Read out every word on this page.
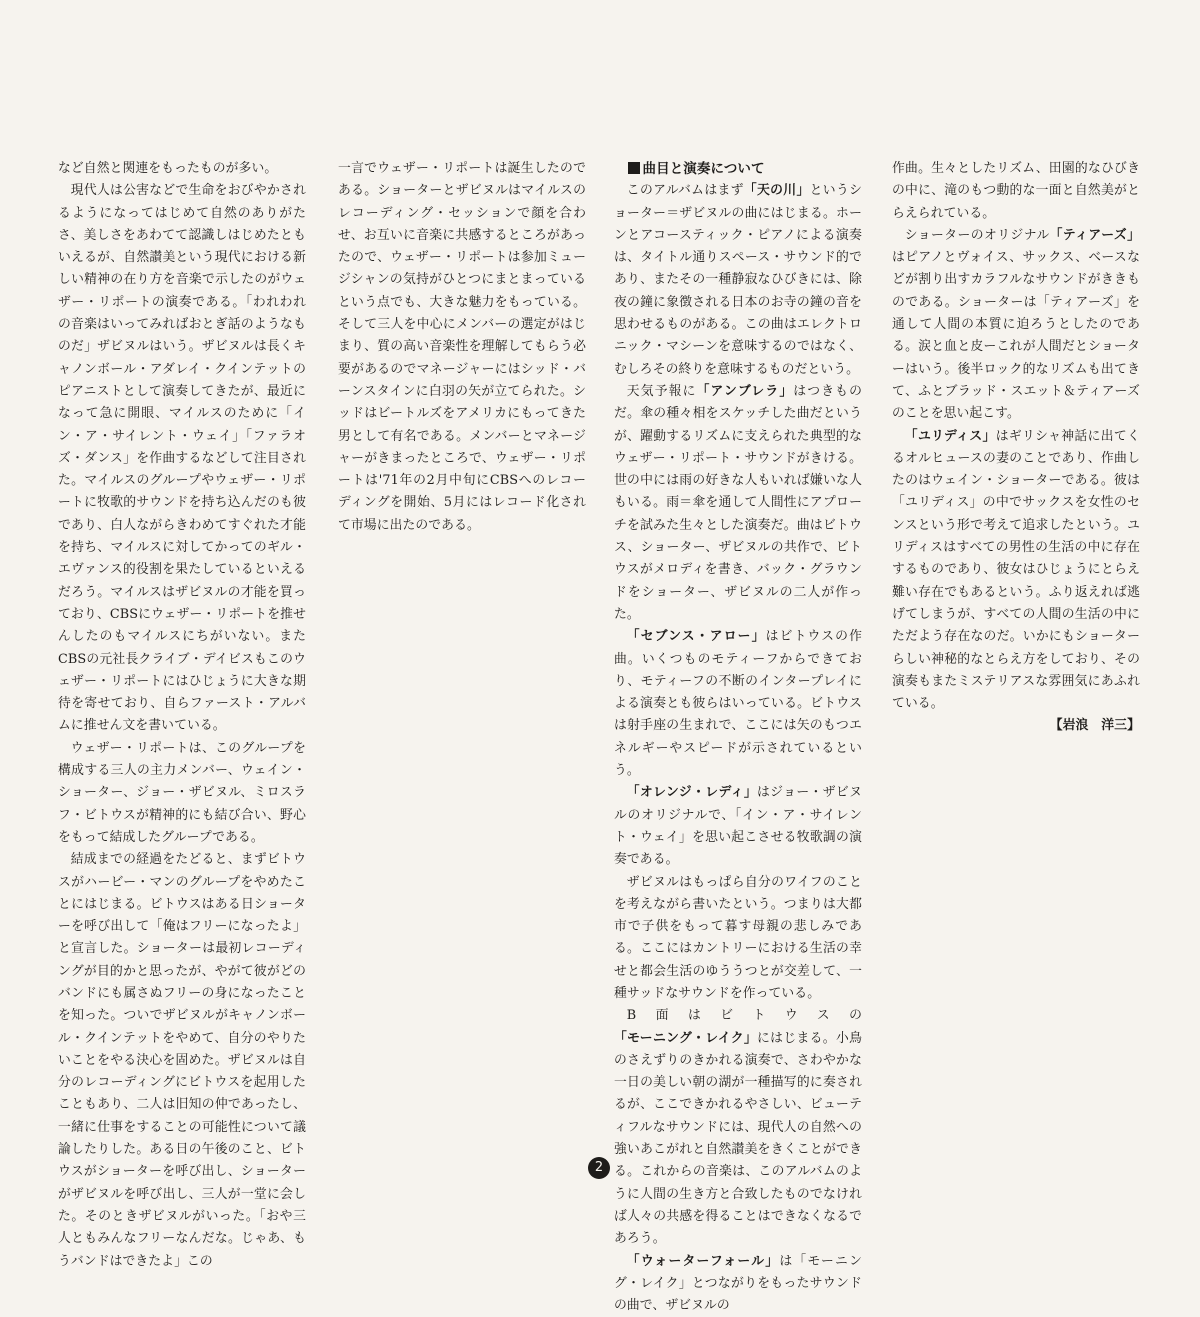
など自然と関連をもったものが多い。

現代人は公害などで生命をおびやかされるようになってはじめて自然のありがたさ、美しさをあわてて認識しはじめたともいえるが、自然讃美という現代における新しい精神の在り方を音楽で示したのがウェザー・リポートの演奏である。「われわれの音楽はいってみればおとぎ話のようなものだ」ザビヌルはいう。ザビヌルは長くキャノンボール・アダレイ・クインテットのピアニストとして演奏してきたが、最近になって急に開眼、マイルスのために「イン・ア・サイレント・ウェイ」「ファラオズ・ダンス」を作曲するなどして注目された。マイルスのグループやウェザー・リポートに牧歌的サウンドを持ち込んだのも彼であり、白人ながらきわめてすぐれた才能を持ち、マイルスに対してかってのギル・エヴァンス的役割を果たしているといえるだろう。マイルスはザビヌルの才能を買っており、CBSにウェザー・リポートを推せんしたのもマイルスにちがいない。また CBSの元社長クライブ・デイビスもこのウェザー・リポートにはひじょうに大きな期待を寄せており、自らファースト・アルバムに推せん文を書いている。

ウェザー・リポートは、このグループを構成する三人の主力メンバー、ウェイン・ショーター、ジョー・ザビヌル、ミロスラフ・ビトウスが精神的にも結び合い、野心をもって結成したグループである。

結成までの経過をたどると、まずビトウスがハービー・マンのグループをやめたことにはじまる。ビトウスはある日ショーターを呼び出して「俺はフリーになったよ」と宣言した。ショーターは最初レコーディングが目的かと思ったが、やがて彼がどのバンドにも属さぬフリーの身になったことを知った。ついでザビヌルがキャノンボール・クインテットをやめて、自分のやりたいことをやる決心を固めた。ザビヌルは自分のレコーディングにビトウスを起用したこともあり、二人は旧知の仲であったし、一緒に仕事をすることの可能性について議論したりした。ある日の午後のこと、ビトウスがショーターを呼び出し、ショーターがザビヌルを呼び出し、三人が一堂に会した。そのときザビヌルがいった。「おや三人ともみんなフリーなんだな。じゃあ、もうバンドはできたよ」この

一言でウェザー・リポートは誕生したのである。ショーターとザビヌルはマイルスのレコーディング・セッションで顔を合わせ、お互いに音楽に共感するところがあったので、ウェザー・リポートは参加ミュージシャンの気持がひとつにまとまっているという点でも、大きな魅力をもっている。そして三人を中心にメンバーの選定がはじまり、質の高い音楽性を理解してもらう必要があるのでマネージャーにはシッド・バーンスタインに白羽の矢が立てられた。シッドはビートルズをアメリカにもってきた男として有名である。メンバーとマネージャーがきまったところで、ウェザー・リポートは'71年の2月中旬にCBSへのレコーディングを開始、5月にはレコード化されて市場に出たのである。

曲目と演奏について

このアルバムはまず「天の川」というショーター＝ザビヌルの曲にはじまる。ホーンとアコースティック・ピアノによる演奏は、タイトル通りスペース・サウンド的であり、またその一種静寂なひびきには、除夜の鐘に象徴される日本のお寺の鐘の音を思わせるものがある。この曲はエレクトロニック・マシーンを意味するのではなく、むしろその終りを意味するものだという。

天気予報に「アンブレラ」はつきものだ。傘の種々相をスケッチした曲だというが、躍動するリズムに支えられた典型的なウェザー・リポート・サウンドがきける。世の中には雨の好きな人もいれば嫌いな人もいる。雨＝傘を通して人間性にアプローチを試みた生々とした演奏だ。曲はビトウス、ショーター、ザビヌルの共作で、ビトウスがメロディを書き、バック・グラウンドをショーター、ザビヌルの二人が作った。

「セブンス・アロー」はビトウスの作曲。いくつものモティーフからできており、モティーフの不断のインタープレイによる演奏とも彼らはいっている。ビトウスは射手座の生まれで、ここには矢のもつエネルギーやスピードが示されているという。

「オレンジ・レディ」はジョー・ザビヌルのオリジナルで、「イン・ア・サイレント・ウェイ」を思い起こさせる牧歌調の演奏である。

ザビヌルはもっぱら自分のワイフのことを考えながら書いたという。つまりは大都市で子供をもって暮す母親の悲しみである。ここにはカントリーにおける生活の幸せと都会生活のゆううつとが交差して、一種サッドなサウンドを作っている。

B面はビトウスの「モーニング・レイク」にはじまる。小鳥のさえずりのきかれる演奏で、さわやかな一日の美しい朝の湖が一種描写的に奏されるが、ここできかれるやさしい、ビューティフルなサウンドには、現代人の自然への強いあこがれと自然讃美をきくことができる。これからの音楽は、このアルバムのように人間の生き方と合致したものでなければ人々の共感を得ることはできなくなるであろう。

「ウォーターフォール」は「モーニング・レイク」とつながりをもったサウンドの曲で、ザビヌルの

作曲。生々としたリズム、田園的なひびきの中に、滝のもつ動的な一面と自然美がとらえられている。

ショーターのオリジナル「ティアーズ」はピアノとヴォイス、サックス、ベースなどが割り出すカラフルなサウンドがききものである。ショーターは「ティアーズ」を通して人間の本質に迫ろうとしたのである。涙と血と皮ーこれが人間だとショーターはいう。後半ロック的なリズムも出てきて、ふとブラッド・スエット＆ティアーズのことを思い起こす。

「ユリディス」はギリシャ神話に出てくるオルヒュースの妻のことであり、作曲したのはウェイン・ショーターである。彼は「ユリディス」の中でサックスを女性のセンスという形で考えて追求したという。ユリディスはすべての男性の生活の中に存在するものであり、彼女はひじょうにとらえ難い存在でもあるという。ふり返えれば逃げてしまうが、すべての人間の生活の中にただよう存在なのだ。いかにもショーターらしい神秘的なとらえ方をしており、その演奏もまたミステリアスな雰囲気にあふれている。

【岩浪　洋三】

2
